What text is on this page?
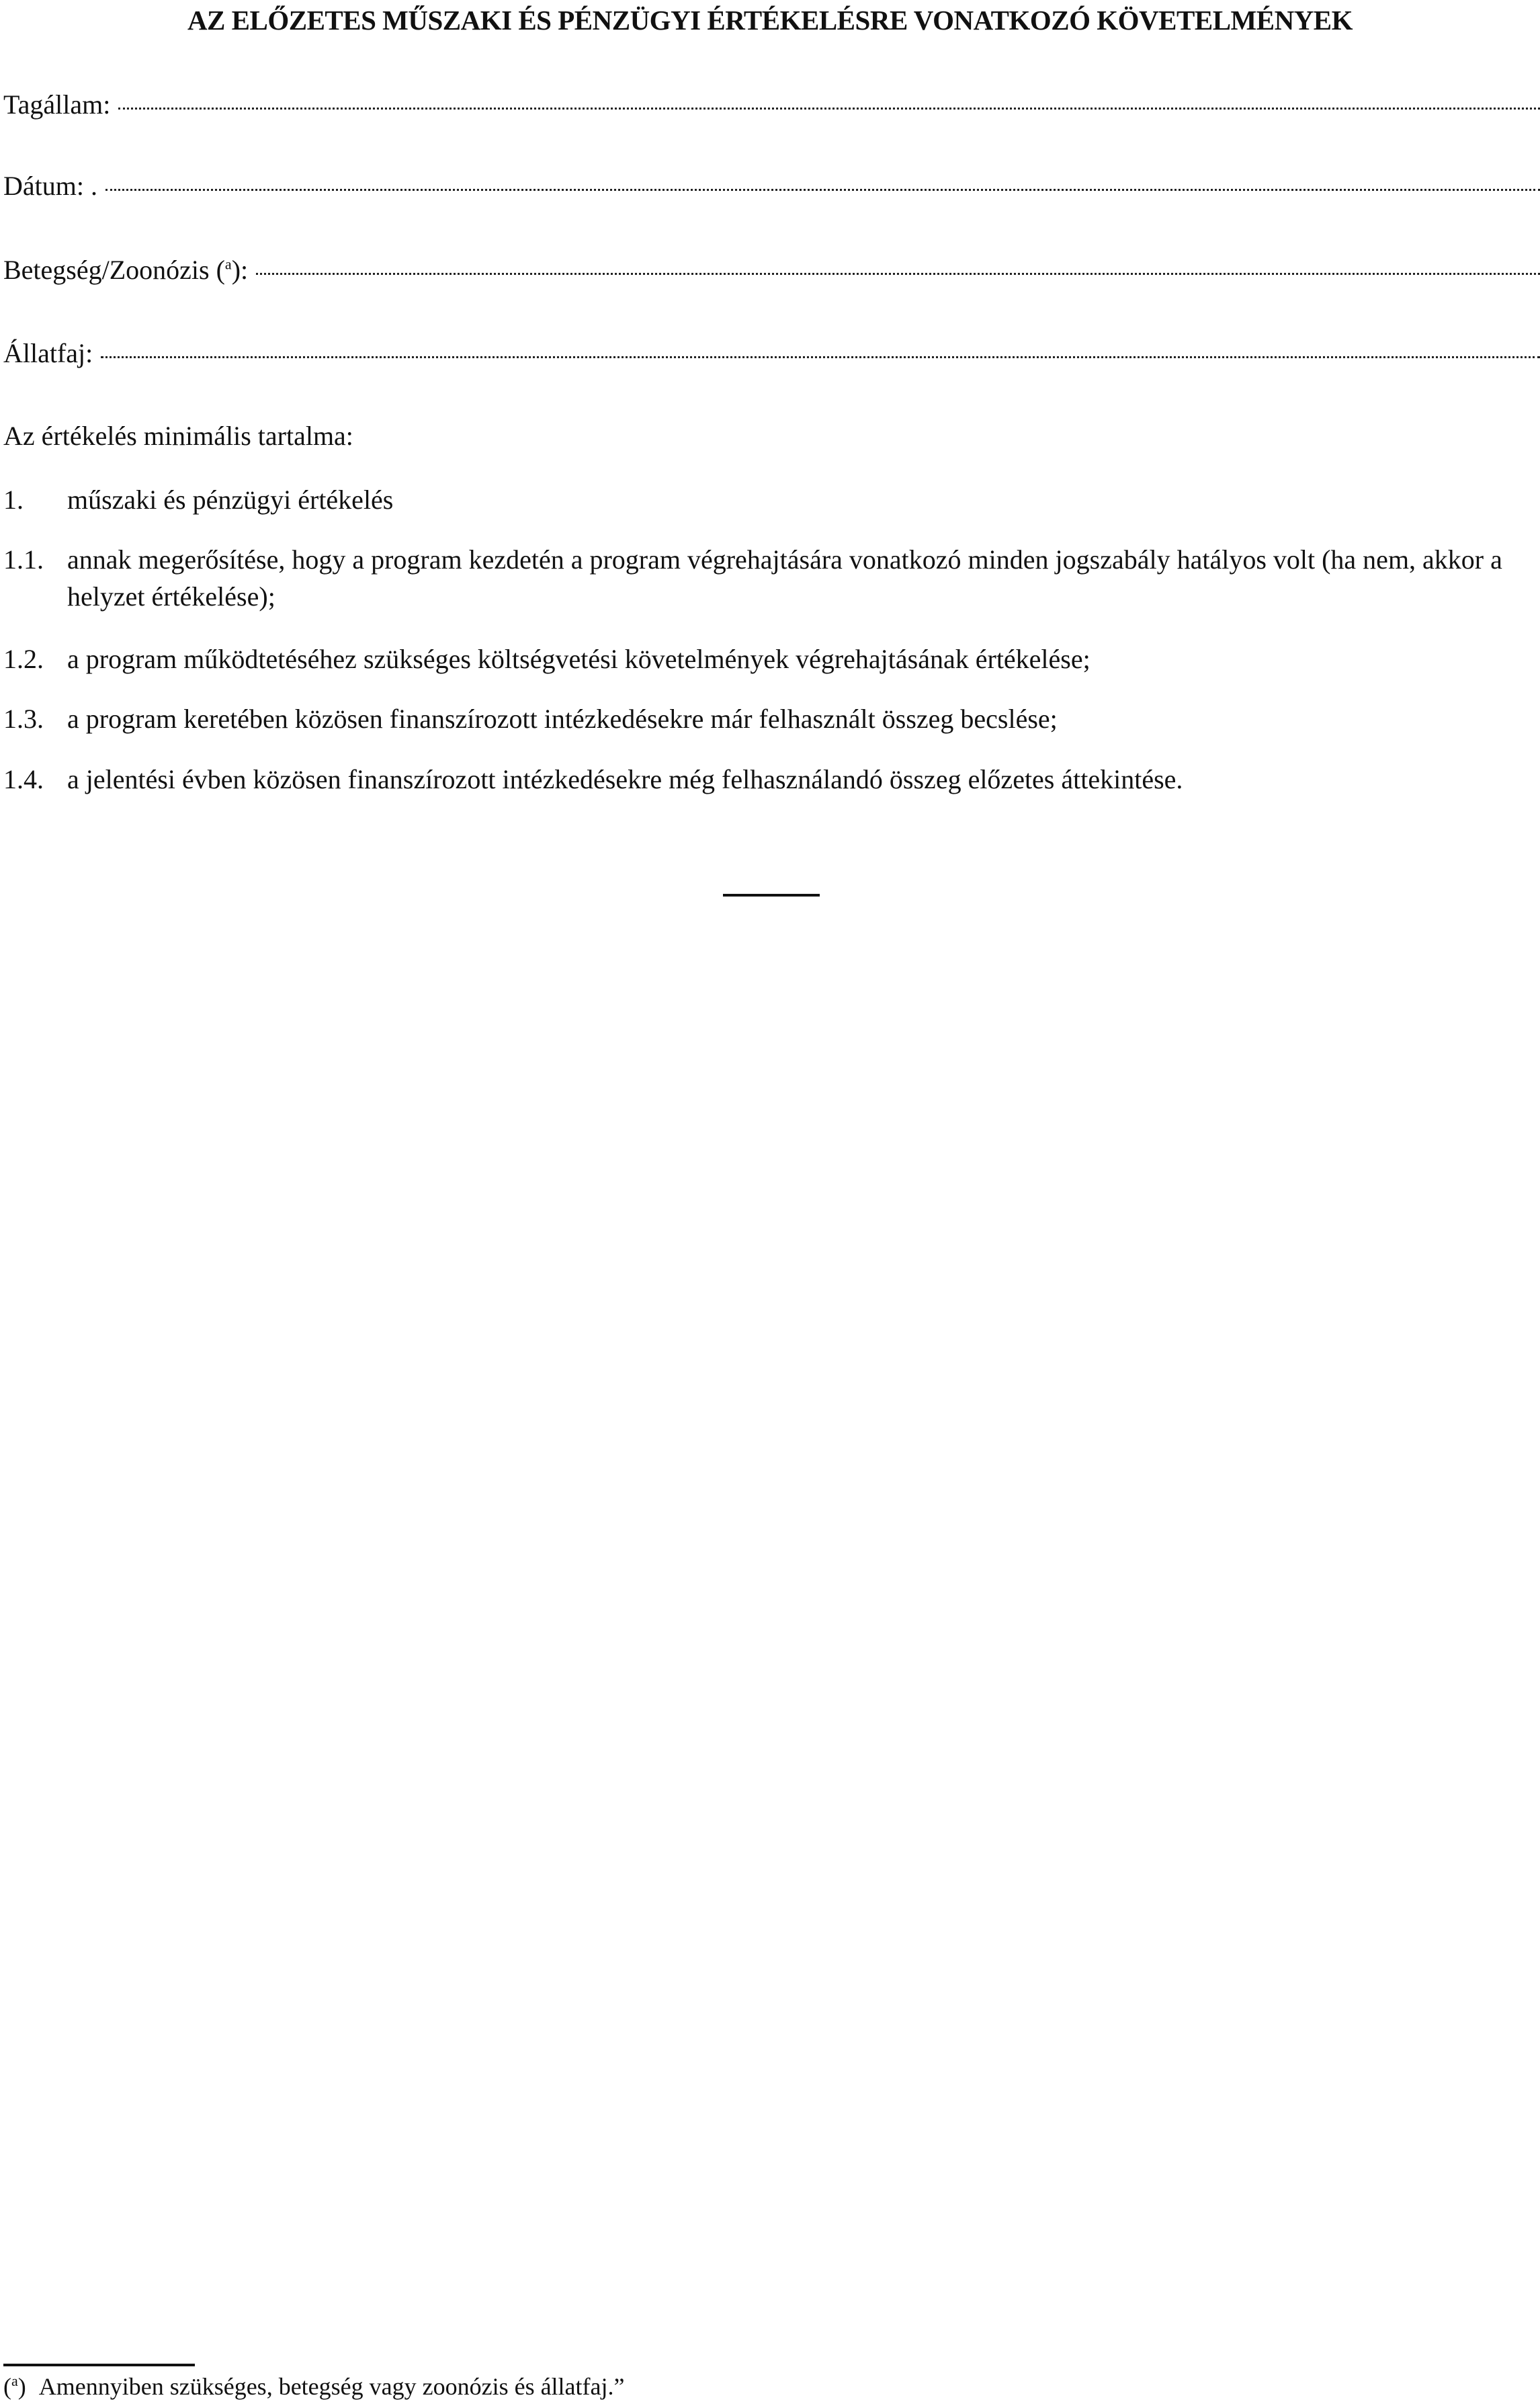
AZ ELŐZETES MŰSZAKI ÉS PÉNZÜGYI ÉRTÉKELÉSRE VONATKOZÓ KÖVETELMÉNYEK
Tagállam:
Dátum: .
Betegség/Zoonózis ($^a$):
Állatfaj:
Az értékelés minimális tartalma:
1.	műszaki és pénzügyi értékelés
1.1. annak megerősítése, hogy a program kezdetén a program végrehajtására vonatkozó minden jogszabály hatályos volt (ha nem, akkor a helyzet értékelése);
1.2. a program működtetéséhez szükséges költségvetési követelmények végrehajtásának értékelése;
1.3. a program keretében közösen finanszírozott intézkedésekre már felhasznált összeg becslése;
1.4. a jelentési évben közösen finanszírozott intézkedésekre még felhasználandó összeg előzetes áttekintése.
($^a$) Amennyiben szükséges, betegség vagy zoonózis és állatfaj.”
